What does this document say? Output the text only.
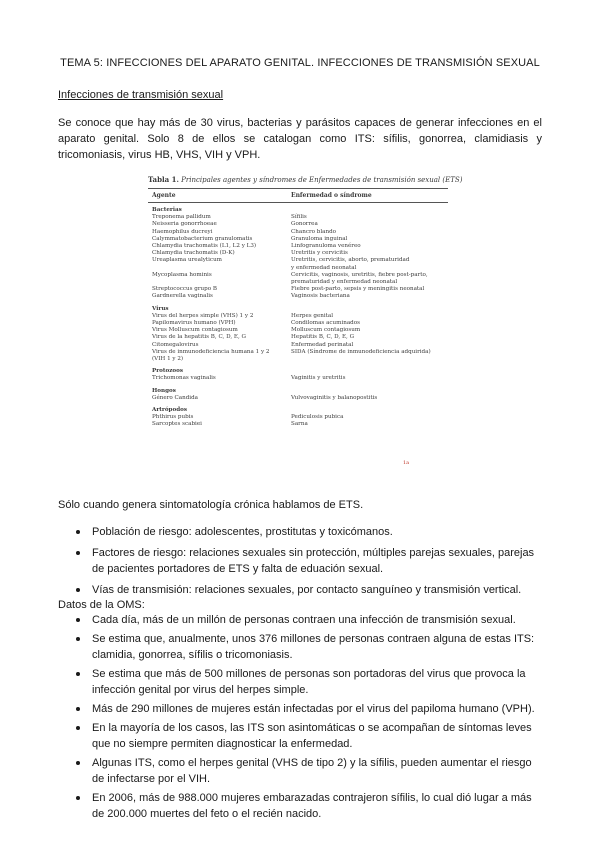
TEMA 5: INFECCIONES DEL APARATO GENITAL. INFECCIONES DE TRANSMISIÓN SEXUAL
Infecciones de transmisión sexual
Se conoce que hay más de 30 virus, bacterias y parásitos capaces de generar infecciones en el aparato genital. Solo 8 de ellos se catalogan como ITS: sífilis, gonorrea, clamidiasis y tricomoniasis, virus HB, VHS, VIH y VPH.
Tabla 1. Principales agentes y síndromes de Enfermedades de transmisión sexual (ETS)
Agente	Enfermedad o síndrome
Bacterias
Treponema pallidum	Sífilis
Neisseria gonorrhoeae	Gonorrea
Haemophilus ducreyi	Chancro blando
Calymmatobacterium granulomatis	Granuloma inguinal
Chlamydia trachomatis (L1, L2 y L3)	Linfogranuloma venéreo
Chlamydia trachomatis (D-K)	Uretritis y cervicitis
Ureaplasma urealyticum	Uretritis, cervicitis, aborto, prematuridad
y enfermedad neonatal
Mycoplasma hominis	Cervicitis, vaginosis, uretritis, fiebre post-parto,
prematuridad y enfermedad neonatal
Streptococcus grupo B	Fiebre post-parto, sepsis y meningitis neonatal
Gardnerella vaginalis	Vaginosis bacteriana
Virus
Virus del herpes simple (VHS) 1 y 2	Herpes genital
Papilomavirus humano (VPH)	Condilomas acuminados
Virus Molluscum contagiosum	Molluscum contagiosum
Virus de la hepatitis B, C, D, E, G	Hepatitis B, C, D, E, G
Citomegalovirus	Enfermedad perinatal
Virus de inmunodeficiencia humana 1 y 2	SIDA (Síndrome de inmunodeficiencia adquirida)
(VIH 1 y 2)
Protozoos
Trichomonas vaginalis	Vaginitis y uretritis
Hongos
Género Candida	Vulvovaginitis y balanopostitis
Artrópodos
Phthirus pubis	Pediculosis pubica
Sarcoptes scabiei	Sarna
1a
Sólo cuando genera sintomatología crónica hablamos de ETS.
Población de riesgo: adolescentes, prostitutas y toxicómanos.
Factores de riesgo: relaciones sexuales sin protección, múltiples parejas sexuales, parejas de pacientes portadores de ETS y falta de eduación sexual.
Vías de transmisión: relaciones sexuales, por contacto sanguíneo y transmisión vertical.
Datos de la OMS:
Cada día, más de un millón de personas contraen una infección de transmisión sexual.
Se estima que, anualmente, unos 376 millones de personas contraen alguna de estas ITS: clamidia, gonorrea, sífilis o tricomoniasis.
Se estima que más de 500 millones de personas son portadoras del virus que provoca la infección genital por virus del herpes simple.
Más de 290 millones de mujeres están infectadas por el virus del papiloma humano (VPH).
En la mayoría de los casos, las ITS son asintomáticas o se acompañan de síntomas leves que no siempre permiten diagnosticar la enfermedad.
Algunas ITS, como el herpes genital (VHS de tipo 2) y la sífilis, pueden aumentar el riesgo de infectarse por el VIH.
En 2006, más de 988.000 mujeres embarazadas contrajeron sífilis, lo cual dió lugar a más de 200.000 muertes del feto o el recién nacido.
